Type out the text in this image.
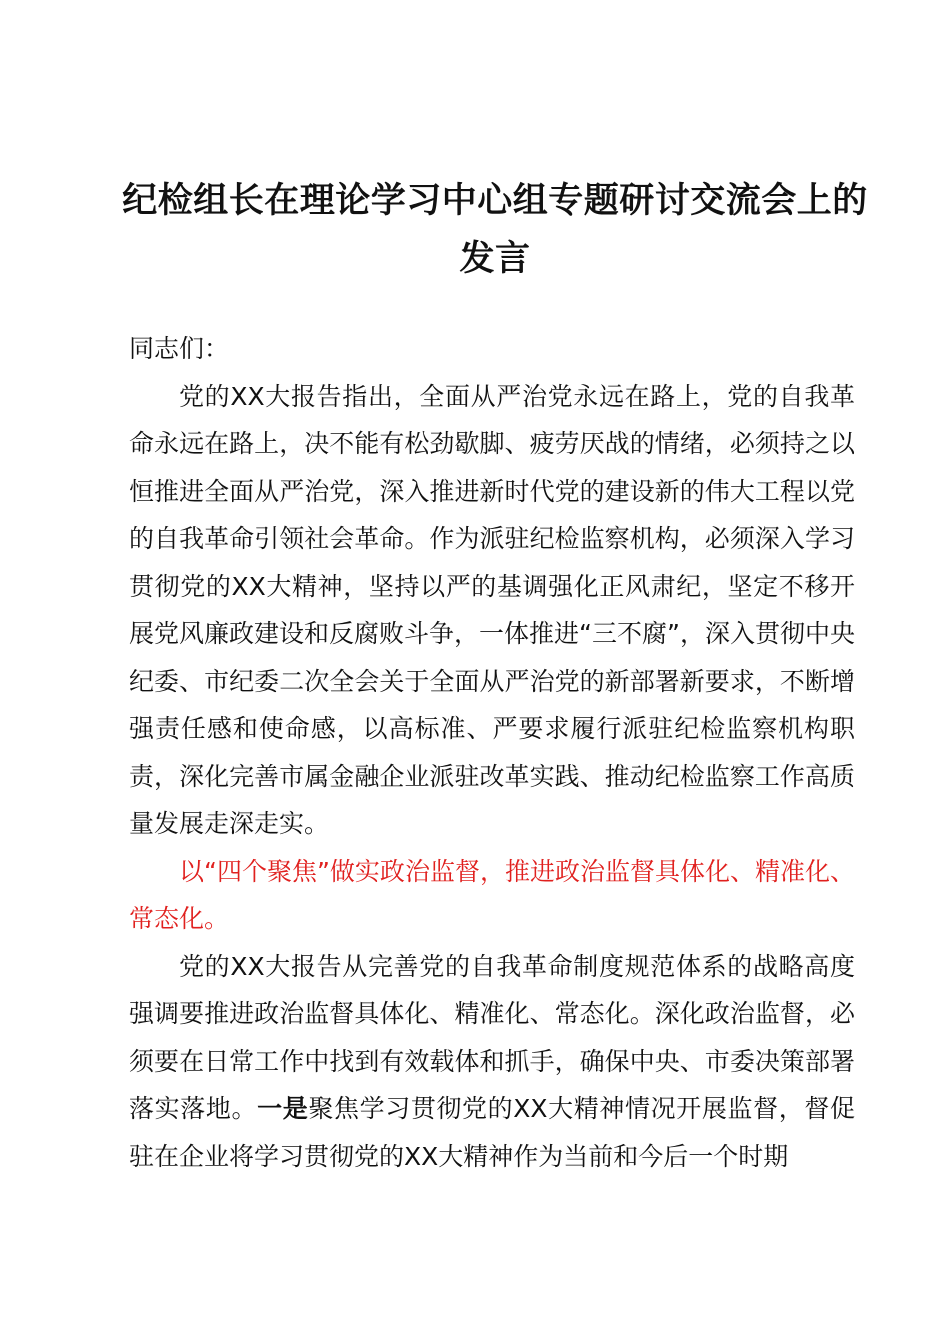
纪检组长在理论学习中心组专题研讨交流会上的
发言

同志们：

党的XX大报告指出，全面从严治党永远在路上，党的自我革命永远在路上，决不能有松劲歇脚、疲劳厌战的情绪，必须持之以恒推进全面从严治党，深入推进新时代党的建设新的伟大工程以党的自我革命引领社会革命。作为派驻纪检监察机构，必须深入学习贯彻党的XX大精神，坚持以严的基调强化正风肃纪，坚定不移开展党风廉政建设和反腐败斗争，一体推进“三不腐”，深入贯彻中央纪委、市纪委二次全会关于全面从严治党的新部署新要求，不断增强责任感和使命感，以高标准、严要求履行派驻纪检监察机构职责，深化完善市属金融企业派驻改革实践、推动纪检监察工作高质量发展走深走实。

以“四个聚焦”做实政治监督，推进政治监督具体化、精准化、常态化。

党的XX大报告从完善党的自我革命制度规范体系的战略高度强调要推进政治监督具体化、精准化、常态化。深化政治监督，必须要在日常工作中找到有效载体和抓手，确保中央、市委决策部署落实落地。一是聚焦学习贯彻党的XX大精神情况开展监督，督促驻在企业将学习贯彻党的XX大精神作为当前和今后一个时期
